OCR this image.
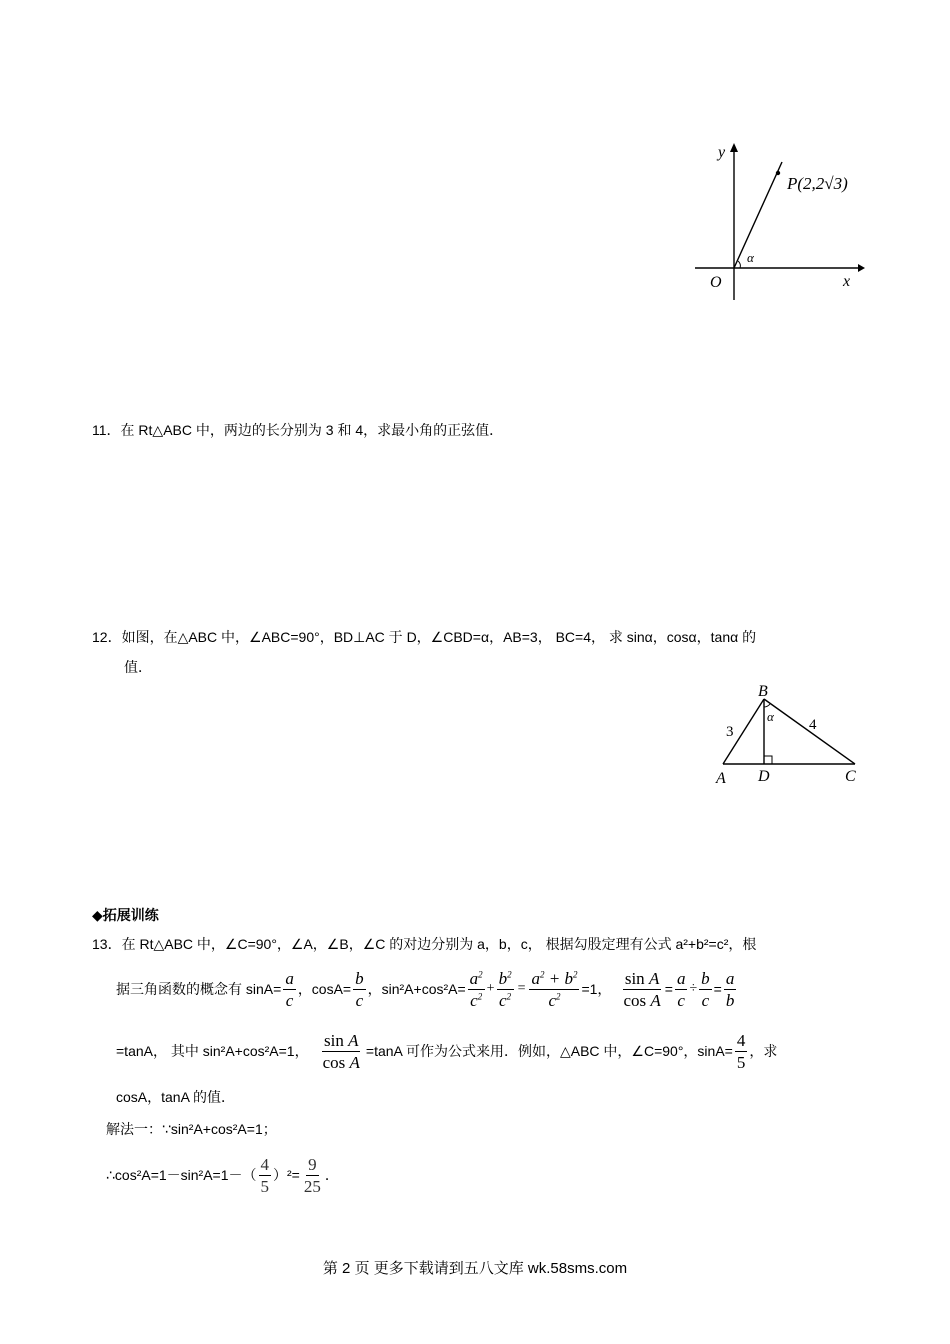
y
x
O
α
P(2,2√3)
11．在 Rt△ABC 中，两边的长分别为 3 和 4，求最小角的正弦值．
12．如图，在△ABC 中，∠ABC=90°，BD⊥AC 于 D，∠CBD=α，AB=3， BC=4， 求 sinα，cosα，tanα 的
值．
B
A D	C
3	4
α
◆拓展训练
13．在 Rt△ABC 中，∠C=90°，∠A，∠B，∠C 的对边分别为 a，b，c， 根据勾股定理有公式 a²+b²=c²，根
据三角函数的概念有 $\sin A= \frac{a}{c}$ ，$\cos A= \frac{b}{c}$ ，$\sin^2A+\cos^2A= \frac{a^2}{c^2} + \frac{b^2}{c^2} = \frac{a^2 + b^2}{c^2} =1$， $\frac{\text{sin A}}{\text{cos A}} = \frac{a}{c} \div \frac{b}{c} = \frac{a}{b}$
=tanA， 其中 sin²A+cos²A=1， $\frac{\text{sin A}}{\text{cos A}} =\tan A$ 可作为公式来用．例如，△ABC 中，∠C=90°，$\sin A= \frac{4}{5}$ ，求
cosA，tanA 的值．
解法一：∵sin²A+cos²A=1；
∴cos²A=1－sin²A=1－（ $\frac{4}{5} )^2= \frac{9}{25}$ ．
第 2 页 更多下载请到五八文库 wk.58sms.com
